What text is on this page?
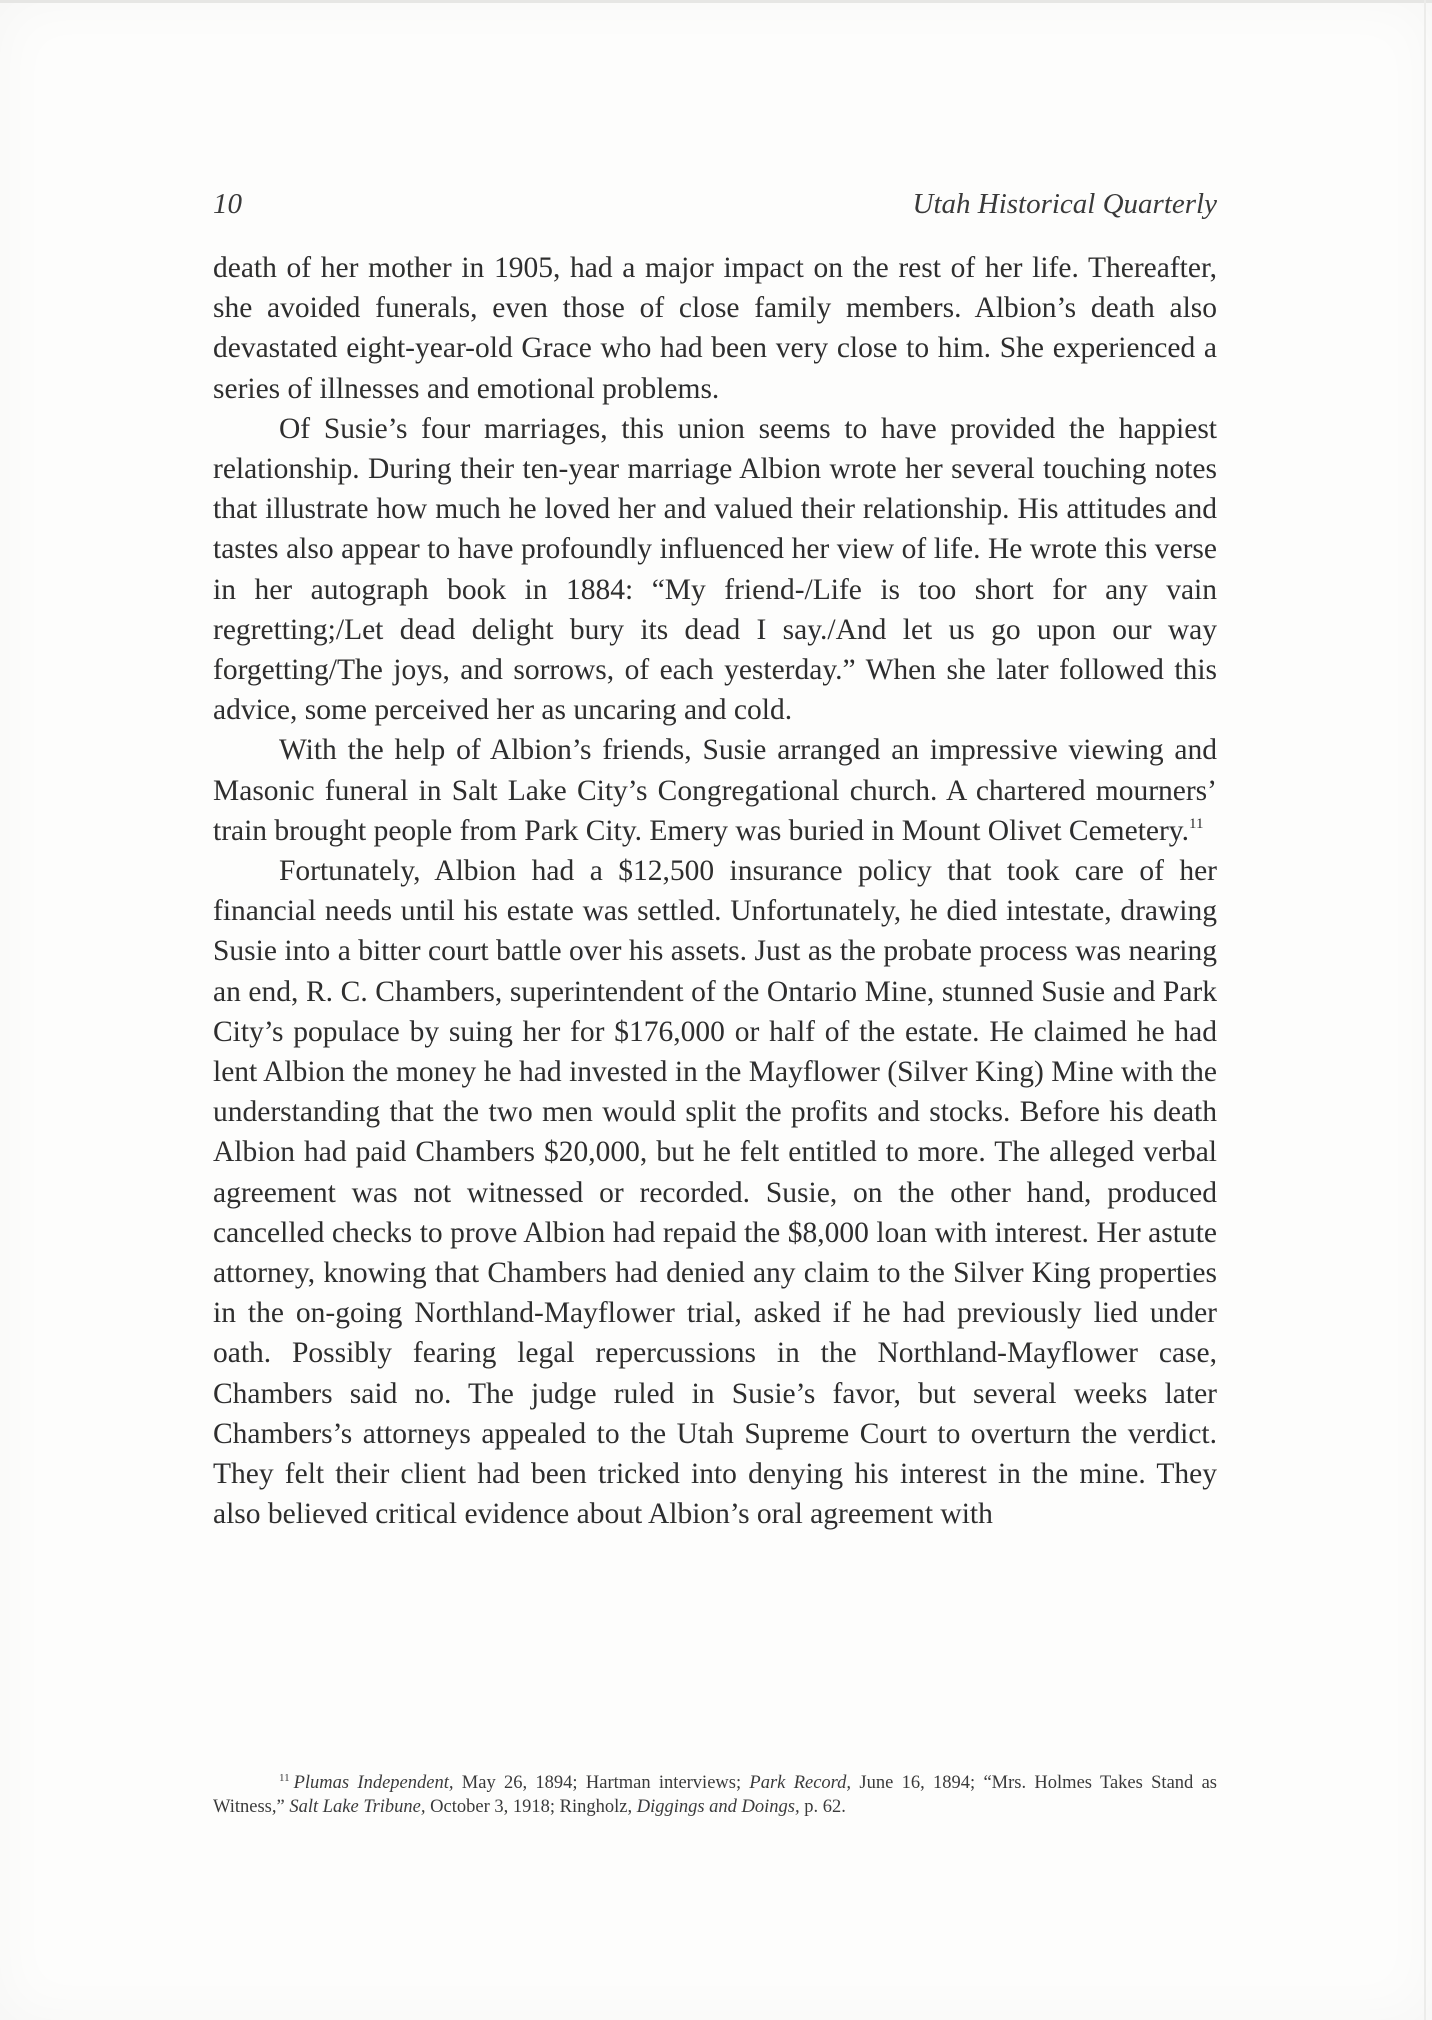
10	Utah Historical Quarterly

death of her mother in 1905, had a major impact on the rest of her life. Thereafter, she avoided funerals, even those of close family members. Albion’s death also devastated eight-year-old Grace who had been very close to him. She experienced a series of illnesses and emotional problems.

Of Susie’s four marriages, this union seems to have provided the happiest relationship. During their ten-year marriage Albion wrote her several touching notes that illustrate how much he loved her and valued their relationship. His attitudes and tastes also appear to have profoundly influenced her view of life. He wrote this verse in her autograph book in 1884: “My friend-/Life is too short for any vain regretting;/Let dead delight bury its dead I say./And let us go upon our way forgetting/The joys, and sorrows, of each yesterday.” When she later followed this advice, some perceived her as uncaring and cold.

With the help of Albion’s friends, Susie arranged an impressive viewing and Masonic funeral in Salt Lake City’s Congregational church. A chartered mourners’ train brought people from Park City. Emery was buried in Mount Olivet Cemetery.$^{11}$

Fortunately, Albion had a $12,500 insurance policy that took care of her financial needs until his estate was settled. Unfortunately, he died intestate, drawing Susie into a bitter court battle over his assets. Just as the probate process was nearing an end, R. C. Chambers, superintendent of the Ontario Mine, stunned Susie and Park City’s populace by suing her for $176,000 or half of the estate. He claimed he had lent Albion the money he had invested in the Mayflower (Silver King) Mine with the understanding that the two men would split the profits and stocks. Before his death Albion had paid Chambers $20,000, but he felt entitled to more. The alleged verbal agreement was not witnessed or recorded. Susie, on the other hand, produced cancelled checks to prove Albion had repaid the $8,000 loan with interest. Her astute attorney, knowing that Chambers had denied any claim to the Silver King properties in the on-going Northland-Mayflower trial, asked if he had previously lied under oath. Possibly fearing legal repercussions in the Northland-Mayflower case, Chambers said no. The judge ruled in Susie’s favor, but several weeks later Chambers’s attorneys appealed to the Utah Supreme Court to overturn the verdict. They felt their client had been tricked into denying his interest in the mine. They also believed critical evidence about Albion’s oral agreement with

$^{11}$ Plumas Independent, May 26, 1894; Hartman interviews; Park Record, June 16, 1894; “Mrs. Holmes Takes Stand as Witness,” Salt Lake Tribune, October 3, 1918; Ringholz, Diggings and Doings, p. 62.
